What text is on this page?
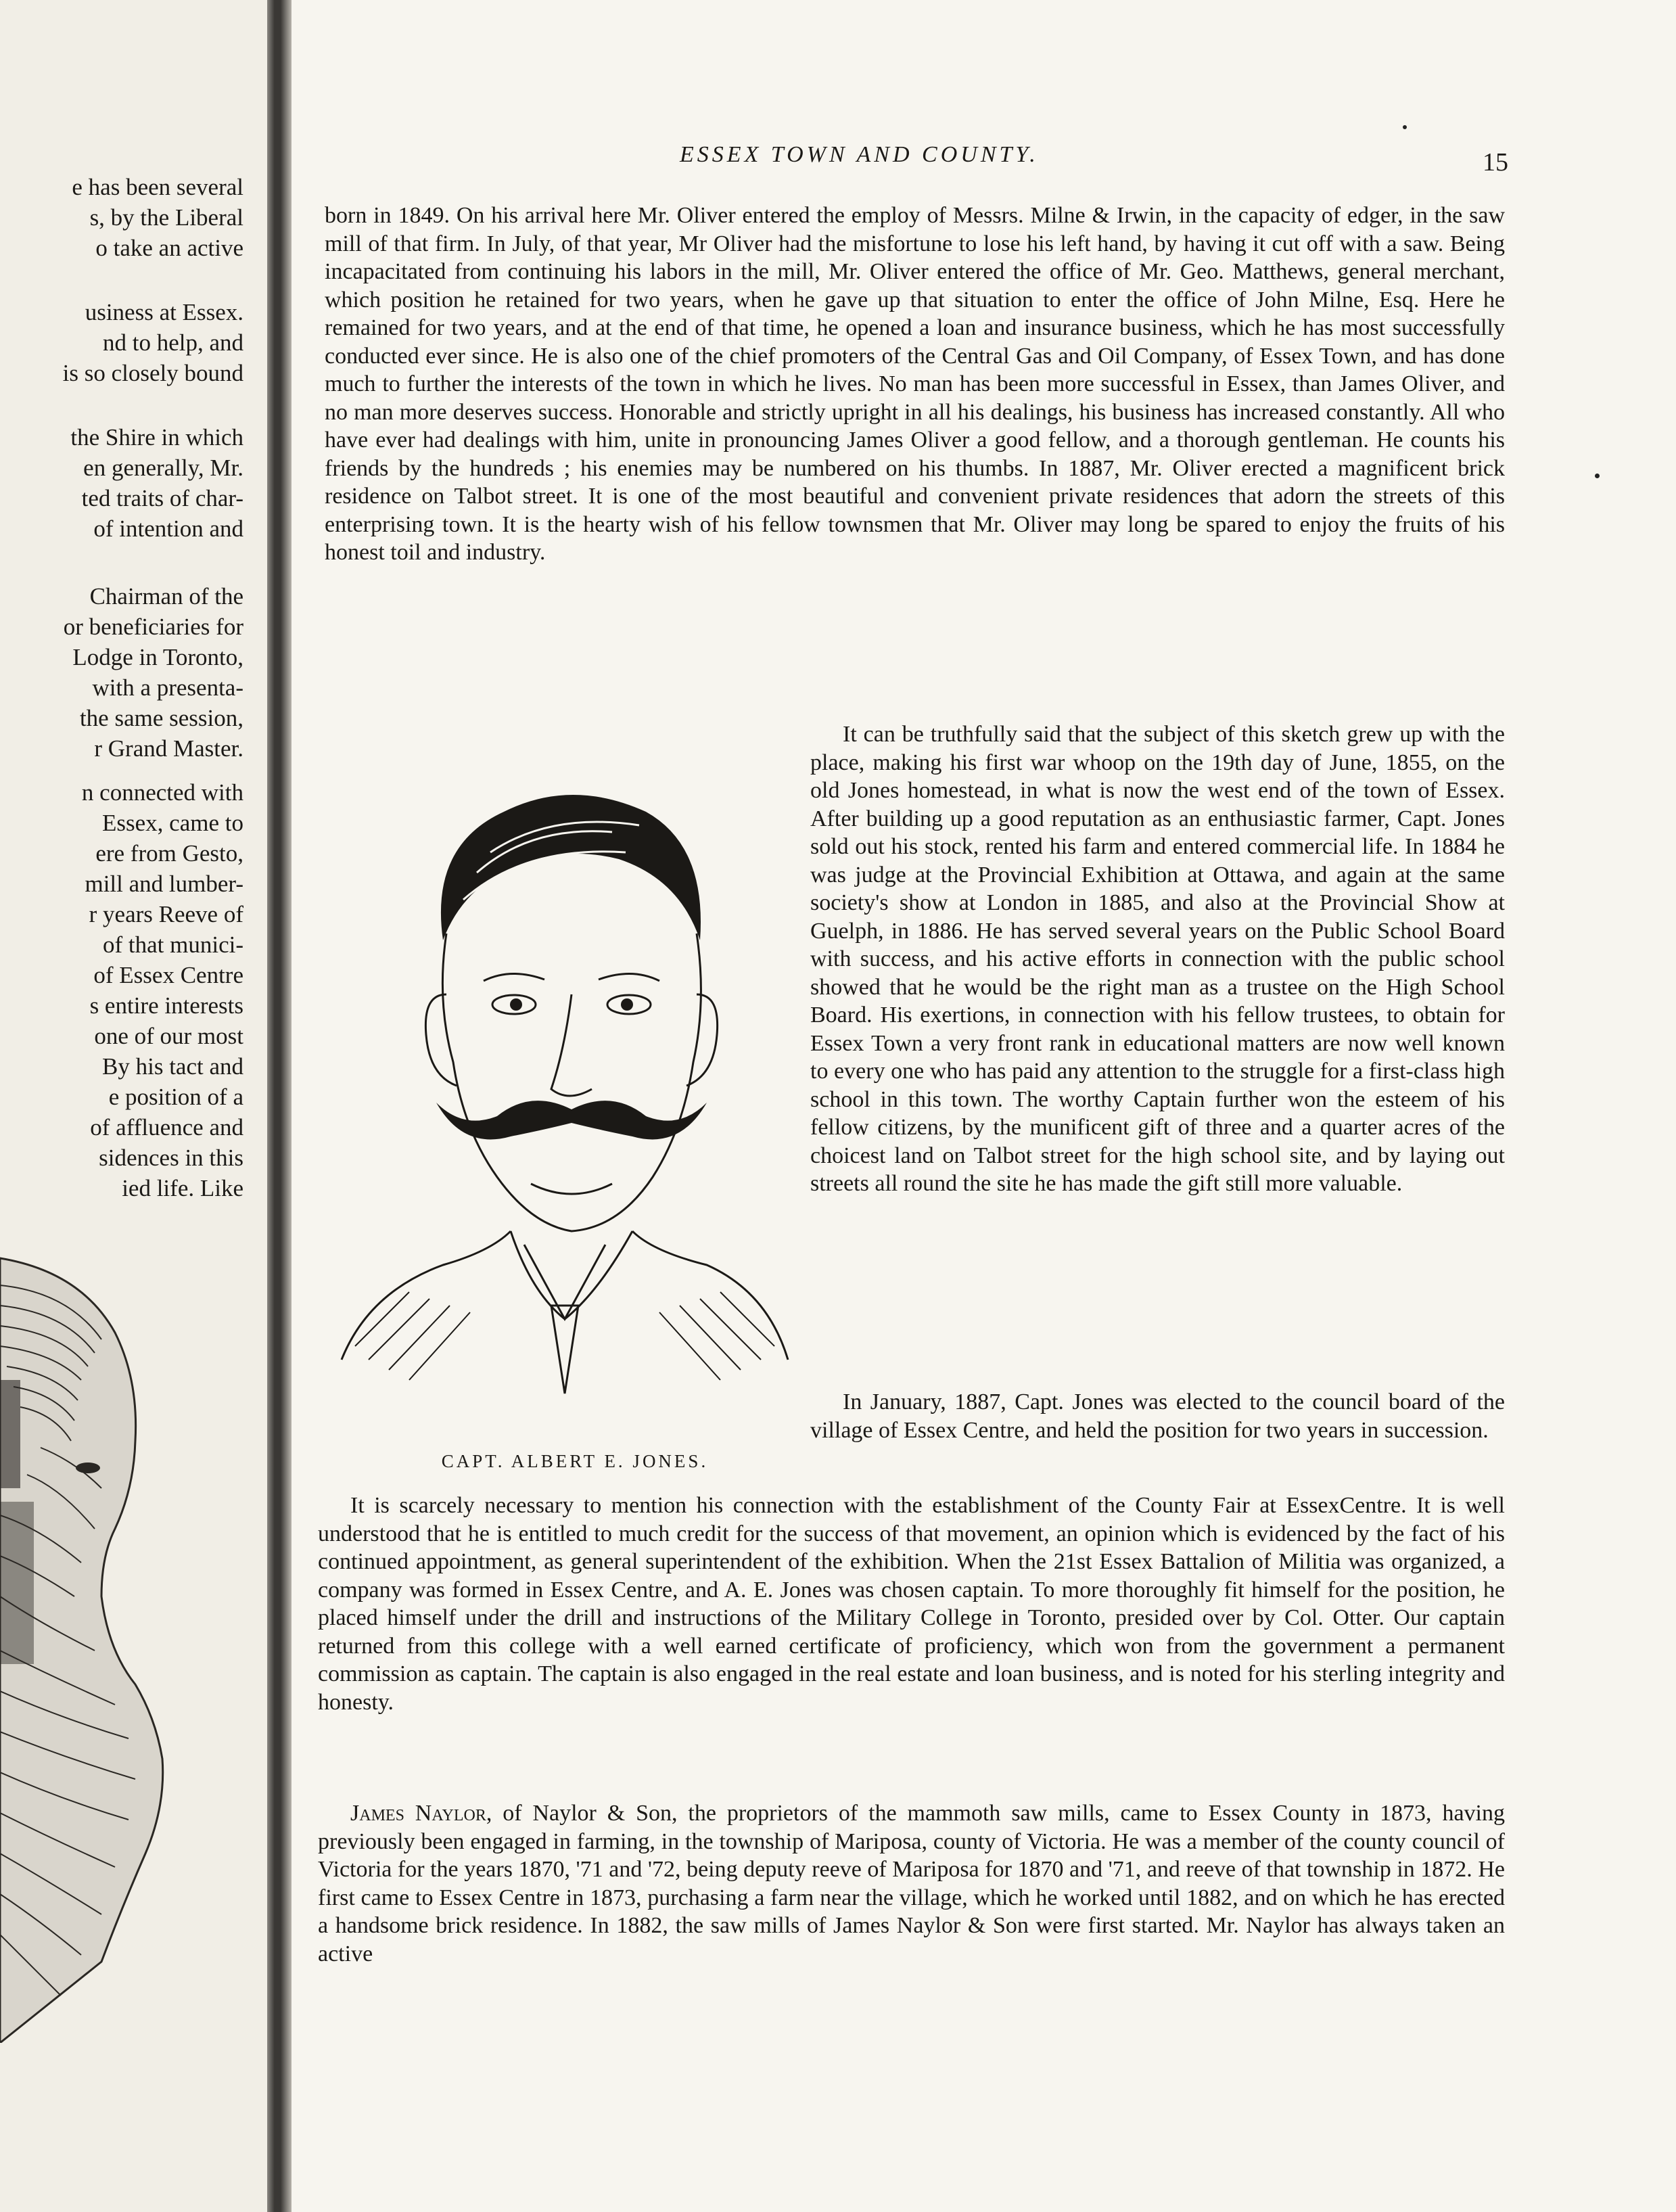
e has been several
s, by the Liberal
o take an active
usiness at Essex.
nd to help, and
is so closely bound
the Shire in which
en generally, Mr.
ted traits of char-
of intention and
Chairman of the
or beneficiaries for
Lodge in Toronto,
with a presenta-
the same session,
r Grand Master.
n connected with
Essex, came to
ere from Gesto,
mill and lumber-
r years Reeve of
of that munici-
of Essex Centre
s entire interests
one of our most
By his tact and
e position of a
of affluence and
sidences in this
ied life. Like
ESSEX TOWN AND COUNTY.	15

born in 1849. On his arrival here Mr. Oliver entered the employ of Messrs. Milne & Irwin, in the capacity of edger, in the saw mill of that firm. In July, of that year, Mr Oliver had the misfortune to lose his left hand, by having it cut off with a saw. Being incapacitated from continuing his labors in the mill, Mr. Oliver entered the office of Mr. Geo. Matthews, general merchant, which position he retained for two years, when he gave up that situation to enter the office of John Milne, Esq. Here he remained for two years, and at the end of that time, he opened a loan and insurance business, which he has most successfully conducted ever since. He is also one of the chief promoters of the Central Gas and Oil Company, of Essex Town, and has done much to further the interests of the town in which he lives. No man has been more successful in Essex, than James Oliver, and no man more deserves success. Honorable and strictly upright in all his dealings, his business has increased constantly. All who have ever had dealings with him, unite in pronouncing James Oliver a good fellow, and a thorough gentleman. He counts his friends by the hundreds ; his enemies may be numbered on his thumbs. In 1887, Mr. Oliver erected a magnificent brick residence on Talbot street. It is one of the most beautiful and convenient private residences that adorn the streets of this enterprising town. It is the hearty wish of his fellow townsmen that Mr. Oliver may long be spared to enjoy the fruits of his honest toil and industry.

It can be truthfully said that the subject of this sketch grew up with the place, making his first war whoop on the 19th day of June, 1855, on the old Jones homestead, in what is now the west end of the town of Essex. After building up a good reputation as an enthusiastic farmer, Capt. Jones sold out his stock, rented his farm and entered commercial life. In 1884 he was judge at the Provincial Exhibition at Ottawa, and again at the same society's show at London in 1885, and also at the Provincial Show at Guelph, in 1886. He has served several years on the Public School Board with success, and his active efforts in connection with the public school showed that he would be the right man as a trustee on the High School Board. His exertions, in connection with his fellow trustees, to obtain for Essex Town a very front rank in educational matters are now well known to every one who has paid any attention to the struggle for a first-class high school in this town. The worthy Captain further won the esteem of his fellow citizens, by the munificent gift of three and a quarter acres of the choicest land on Talbot street for the high school site, and by laying out streets all round the site he has made the gift still more valuable.

In January, 1887, Capt. Jones was elected to the council board of the village of Essex Centre, and held the position for two years in succession.

CAPT. ALBERT E. JONES.

It is scarcely necessary to mention his connection with the establishment of the County Fair at EssexCentre. It is well understood that he is entitled to much credit for the success of that movement, an opinion which is evidenced by the fact of his continued appointment, as general superintendent of the exhibition. When the 21st Essex Battalion of Militia was organized, a company was formed in Essex Centre, and A. E. Jones was chosen captain. To more thoroughly fit himself for the position, he placed himself under the drill and instructions of the Military College in Toronto, presided over by Col. Otter. Our captain returned from this college with a well earned certificate of proficiency, which won from the government a permanent commission as captain. The captain is also engaged in the real estate and loan business, and is noted for his sterling integrity and honesty.

James Naylor, of Naylor & Son, the proprietors of the mammoth saw mills, came to Essex County in 1873, having previously been engaged in farming, in the township of Mariposa, county of Victoria. He was a member of the county council of Victoria for the years 1870, '71 and '72, being deputy reeve of Mariposa for 1870 and '71, and reeve of that township in 1872. He first came to Essex Centre in 1873, purchasing a farm near the village, which he worked until 1882, and on which he has erected a handsome brick residence. In 1882, the saw mills of James Naylor & Son were first started. Mr. Naylor has always taken an active
